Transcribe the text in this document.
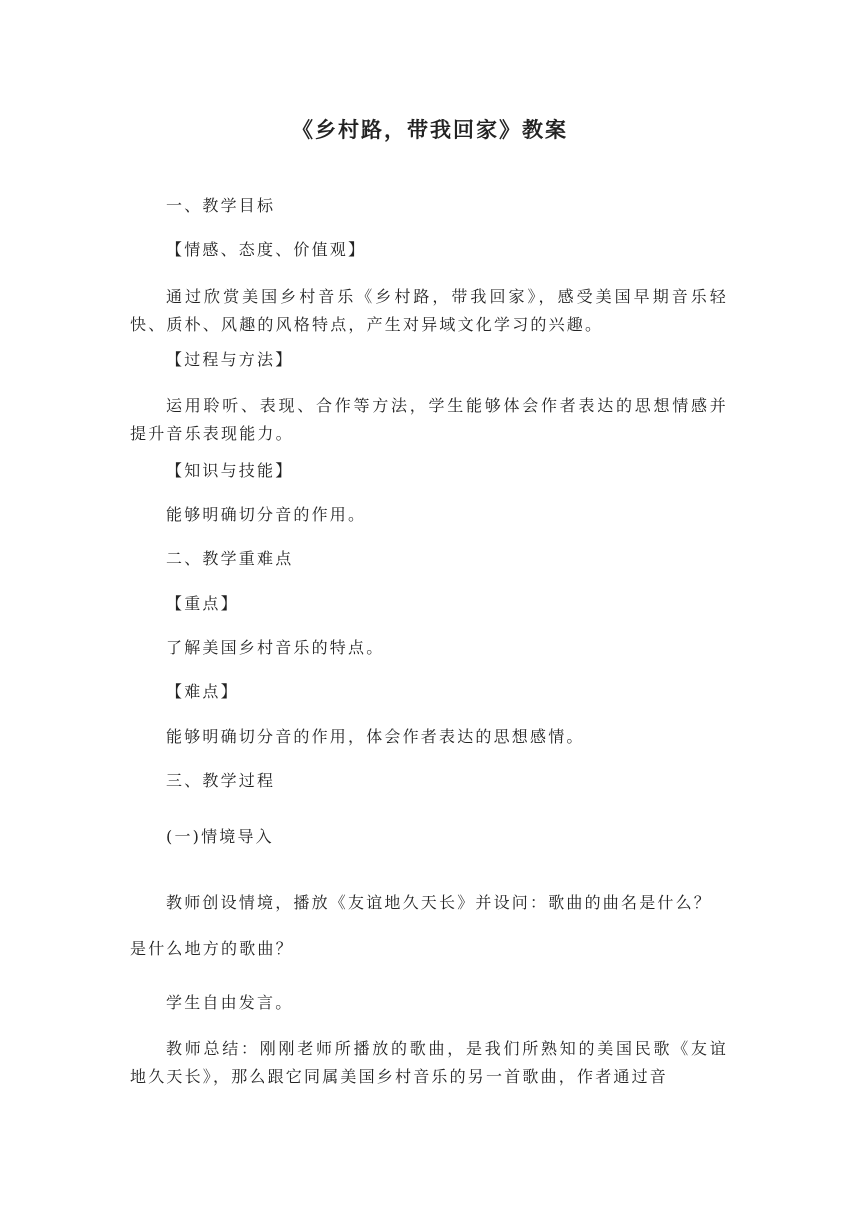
《乡村路，带我回家》教案
一、教学目标
【情感、态度、价值观】
通过欣赏美国乡村音乐《乡村路，带我回家》，感受美国早期音乐轻快、质朴、风趣的风格特点，产生对异域文化学习的兴趣。
【过程与方法】
运用聆听、表现、合作等方法，学生能够体会作者表达的思想情感并提升音乐表现能力。
【知识与技能】
能够明确切分音的作用。
二、教学重难点
【重点】
了解美国乡村音乐的特点。
【难点】
能够明确切分音的作用，体会作者表达的思想感情。
三、教学过程
(一)情境导入
教师创设情境，播放《友谊地久天长》并设问：歌曲的曲名是什么？
是什么地方的歌曲？
学生自由发言。
教师总结：刚刚老师所播放的歌曲，是我们所熟知的美国民歌《友谊地久天长》，那么跟它同属美国乡村音乐的另一首歌曲，作者通过音
